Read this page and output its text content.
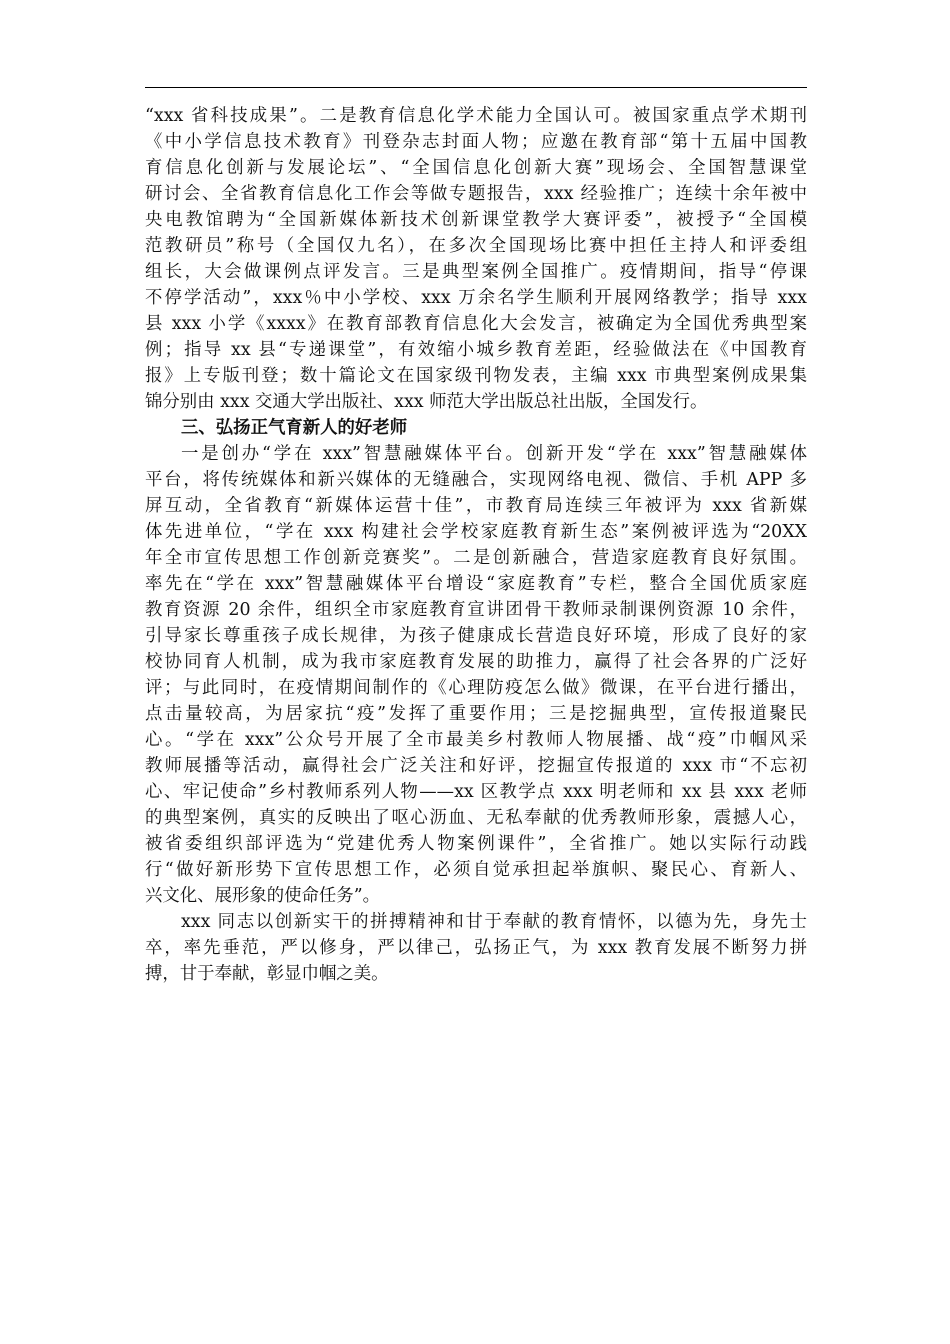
“xxx 省科技成果”。二是教育信息化学术能力全国认可。被国家重点学术期刊
《中小学信息技术教育》刊登杂志封面人物；应邀在教育部“第十五届中国教
育信息化创新与发展论坛”、“全国信息化创新大赛”现场会、全国智慧课堂
研讨会、全省教育信息化工作会等做专题报告，xxx 经验推广；连续十余年被中
央电教馆聘为“全国新媒体新技术创新课堂教学大赛评委”，被授予“全国模
范教研员”称号（全国仅九名），在多次全国现场比赛中担任主持人和评委组
组长，大会做课例点评发言。三是典型案例全国推广。疫情期间，指导“停课
不停学活动”，xxx％中小学校、xxx 万余名学生顺利开展网络教学；指导 xxx
县 xxx 小学《xxxx》在教育部教育信息化大会发言，被确定为全国优秀典型案
例；指导 xx 县“专递课堂”，有效缩小城乡教育差距，经验做法在《中国教育
报》上专版刊登；数十篇论文在国家级刊物发表，主编 xxx 市典型案例成果集
锦分别由 xxx 交通大学出版社、xxx 师范大学出版总社出版，全国发行。
三、弘扬正气育新人的好老师
一是创办“学在 xxx”智慧融媒体平台。创新开发“学在 xxx”智慧融媒体
平台，将传统媒体和新兴媒体的无缝融合，实现网络电视、微信、手机 APP 多
屏互动，全省教育“新媒体运营十佳”，市教育局连续三年被评为 xxx 省新媒
体先进单位，“学在 xxx 构建社会学校家庭教育新生态”案例被评选为“20XX
年全市宣传思想工作创新竞赛奖”。二是创新融合，营造家庭教育良好氛围。
率先在“学在 xxx”智慧融媒体平台增设“家庭教育”专栏，整合全国优质家庭
教育资源 20 余件，组织全市家庭教育宣讲团骨干教师录制课例资源 10 余件，
引导家长尊重孩子成长规律，为孩子健康成长营造良好环境，形成了良好的家
校协同育人机制，成为我市家庭教育发展的助推力，赢得了社会各界的广泛好
评；与此同时，在疫情期间制作的《心理防疫怎么做》微课，在平台进行播出，
点击量较高，为居家抗“疫”发挥了重要作用；三是挖掘典型，宣传报道聚民
心。“学在 xxx”公众号开展了全市最美乡村教师人物展播、战“疫”巾帼风采
教师展播等活动，赢得社会广泛关注和好评，挖掘宣传报道的 xxx 市“不忘初
心、牢记使命”乡村教师系列人物——xx 区教学点 xxx 明老师和 xx 县 xxx 老师
的典型案例，真实的反映出了呕心沥血、无私奉献的优秀教师形象，震撼人心，
被省委组织部评选为“党建优秀人物案例课件”，全省推广。她以实际行动践
行“做好新形势下宣传思想工作，必须自觉承担起举旗帜、聚民心、育新人、
兴文化、展形象的使命任务”。
xxx 同志以创新实干的拼搏精神和甘于奉献的教育情怀，以德为先，身先士
卒，率先垂范，严以修身，严以律己，弘扬正气，为 xxx 教育发展不断努力拼
搏，甘于奉献，彰显巾帼之美。
